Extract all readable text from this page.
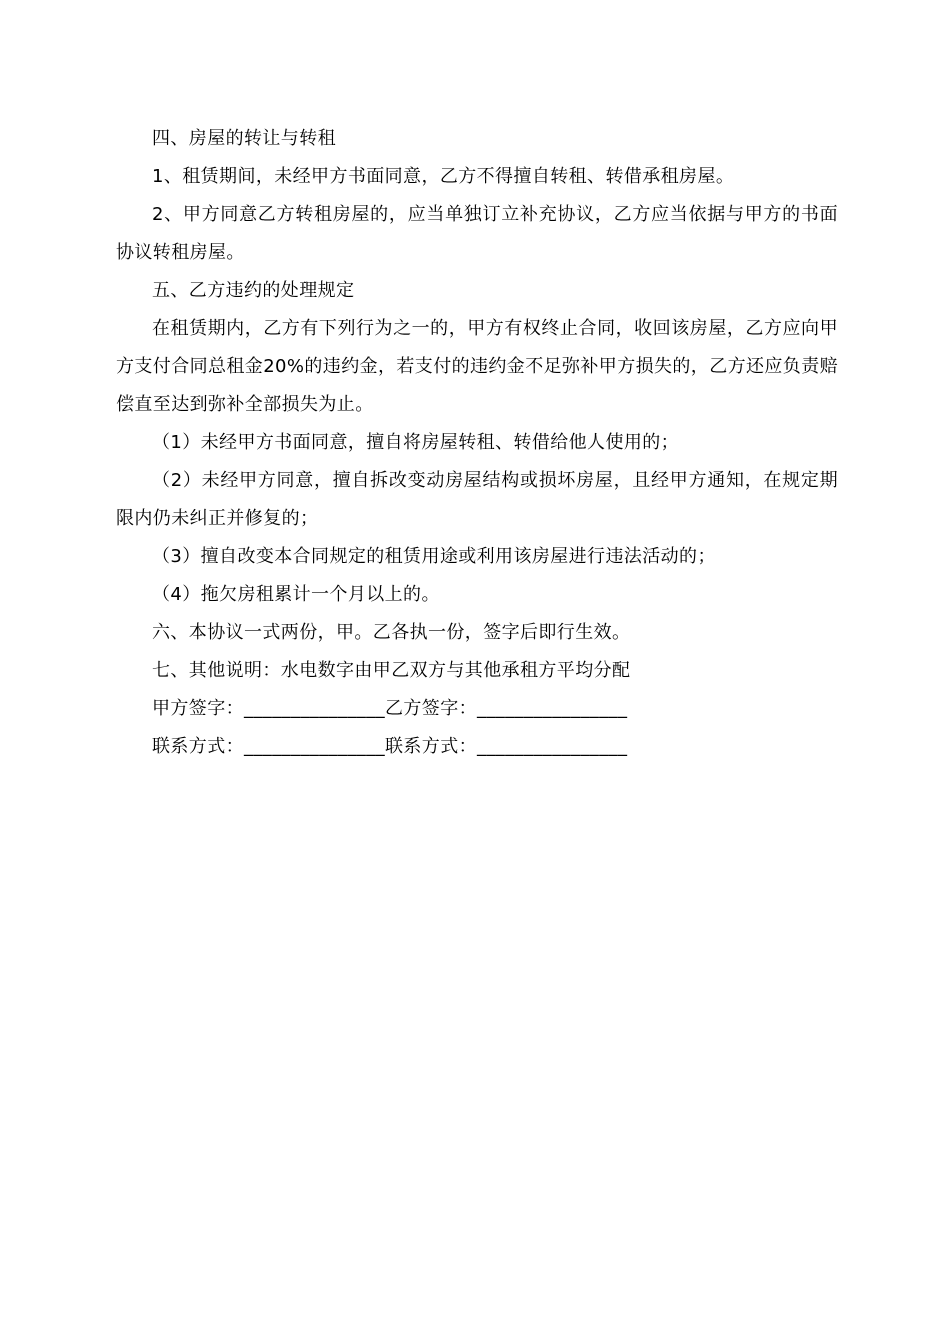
四、房屋的转让与转租

1、租赁期间，未经甲方书面同意，乙方不得擅自转租、转借承租房屋。

2、甲方同意乙方转租房屋的，应当单独订立补充协议，乙方应当依据与甲方的书面协议转租房屋。

五、乙方违约的处理规定

在租赁期内，乙方有下列行为之一的，甲方有权终止合同，收回该房屋，乙方应向甲方支付合同总租金20%的违约金，若支付的违约金不足弥补甲方损失的，乙方还应负责赔偿直至达到弥补全部损失为止。

（1）未经甲方书面同意，擅自将房屋转租、转借给他人使用的；

（2）未经甲方同意，擅自拆改变动房屋结构或损坏房屋，且经甲方通知，在规定期限内仍未纠正并修复的；

（3）擅自改变本合同规定的租赁用途或利用该房屋进行违法活动的；

（4）拖欠房租累计一个月以上的。

六、本协议一式两份，甲。乙各执一份，签字后即行生效。

七、其他说明：水电数字由甲乙双方与其他承租方平均分配

甲方签字：_______________乙方签字：________________

联系方式：_______________联系方式：________________
